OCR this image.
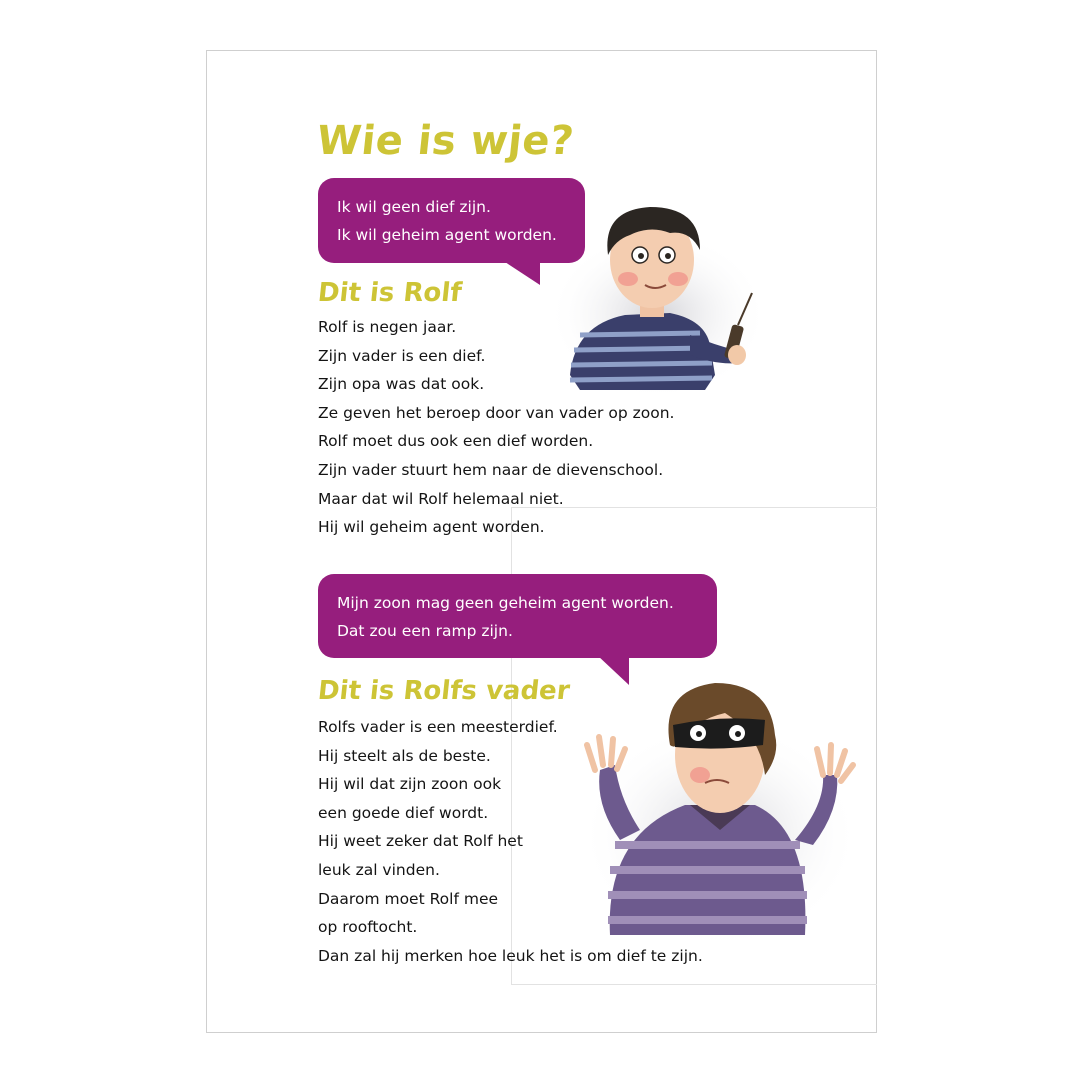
Wie is wje?
Ik wil geen dief zijn.
Ik wil geheim agent worden.
Dit is Rolf
Rolf is negen jaar.
Zijn vader is een dief.
Zijn opa was dat ook.
Ze geven het beroep door van vader op zoon.
Rolf moet dus ook een dief worden.
Zijn vader stuurt hem naar de dievenschool.
Maar dat wil Rolf helemaal niet.
Hij wil geheim agent worden.
Mijn zoon mag geen geheim agent worden.
Dat zou een ramp zijn.
Dit is Rolfs vader
Rolfs vader is een meesterdief.
Hij steelt als de beste.
Hij wil dat zijn zoon ook
een goede dief wordt.
Hij weet zeker dat Rolf het
leuk zal vinden.
Daarom moet Rolf mee
op rooftocht.
Dan zal hij merken hoe leuk het is om dief te zijn.
